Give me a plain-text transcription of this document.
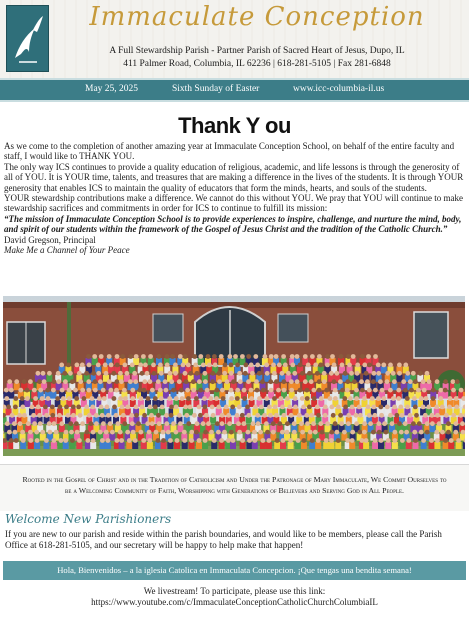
Immaculate Conception
A Full Stewardship Parish - Partner Parish of Sacred Heart of Jesus, Dupo, IL
411 Palmer Road, Columbia, IL 62236 | 618-281-5105 | Fax 281-6848
May 25, 2025	Sixth Sunday of Easter	www.icc-columbia-il.us
Thank Y ou

As we come to the completion of another amazing year at Immaculate Conception School, on behalf of the entire faculty and staff, I would like to THANK YOU.

The only way ICS continues to provide a quality education of religious, academic, and life lessons is through the generosity of all of YOU. It is YOUR time, talents, and treasures that are making a difference in the lives of the students. It is through YOUR generosity that enables ICS to maintain the quality of educators that form the minds, hearts, and souls of the students.

YOUR stewardship contributions make a difference. We cannot do this without YOU. We pray that YOU will continue to make stewardship sacrifices and commitments in order for ICS to continue to fulfill its mission:

“The mission of Immaculate Conception School is to provide experiences to inspire, challenge, and nurture the mind, body, and spirit of our students within the framework of the Gospel of Jesus Christ and the tradition of the Catholic Church.”

David Gregson, Principal

Make Me a Channel of Your Peace

Rooted in the Gospel of Christ and in the Tradition of Catholicism and Under the Patronage of Mary Immaculate, We Commit Ourselves to be a Welcoming Community of Faith, Worshipping with Generations of Believers and Serving God in All People.
Welcome New Parishioners
If you are new to our parish and reside within the parish boundaries, and would like to be members, please call the Parish Office at 618-281-5105, and our secretary will be happy to help make that happen!
Hola, Bienvenidos – a la iglesia Catolica en Immaculata Concepcion. ¡Que tengas una bendita semana!
We livestream! To participate, please use this link:
https://www.youtube.com/c/ImmaculateConceptionCatholicChurchColumbiaIL
